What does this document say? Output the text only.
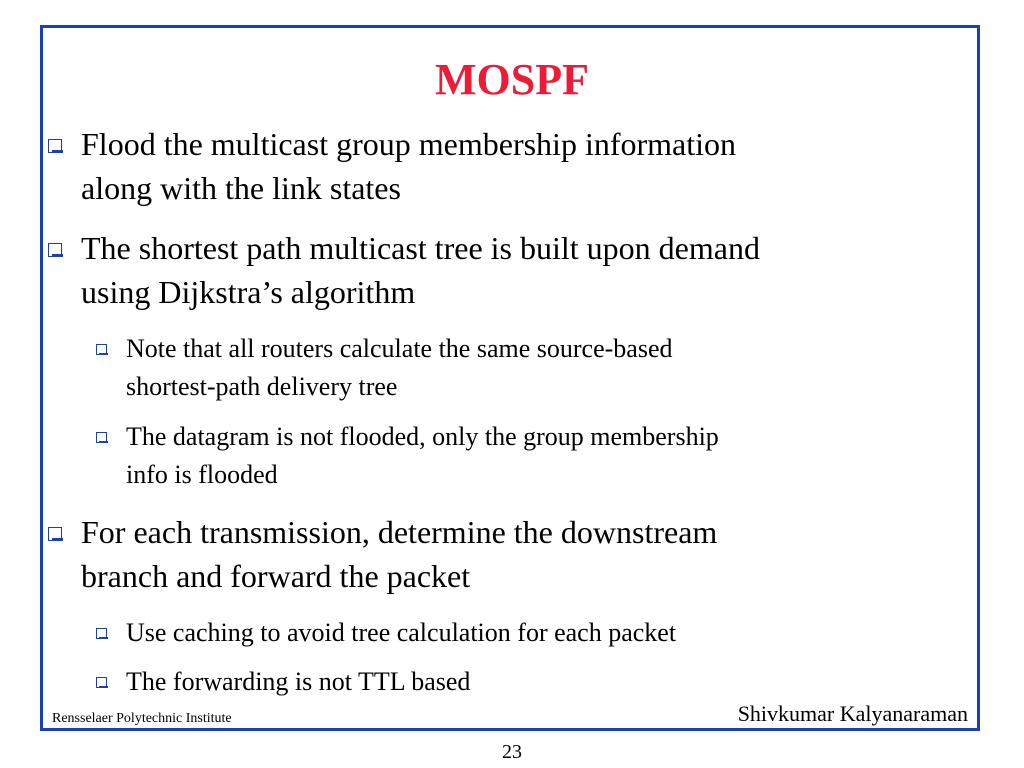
MOSPF
Flood the multicast group membership information
along with the link states
The shortest path multicast tree is built upon demand
using Dijkstra’s algorithm
Note that all routers calculate the same source-based
shortest-path delivery tree
The datagram is not flooded, only the group membership
info is flooded
For each transmission, determine the downstream
branch and forward the packet
Use caching to avoid tree calculation for each packet
The forwarding is not TTL based
Rensselaer Polytechnic Institute	Shivkumar Kalyanaraman
23
